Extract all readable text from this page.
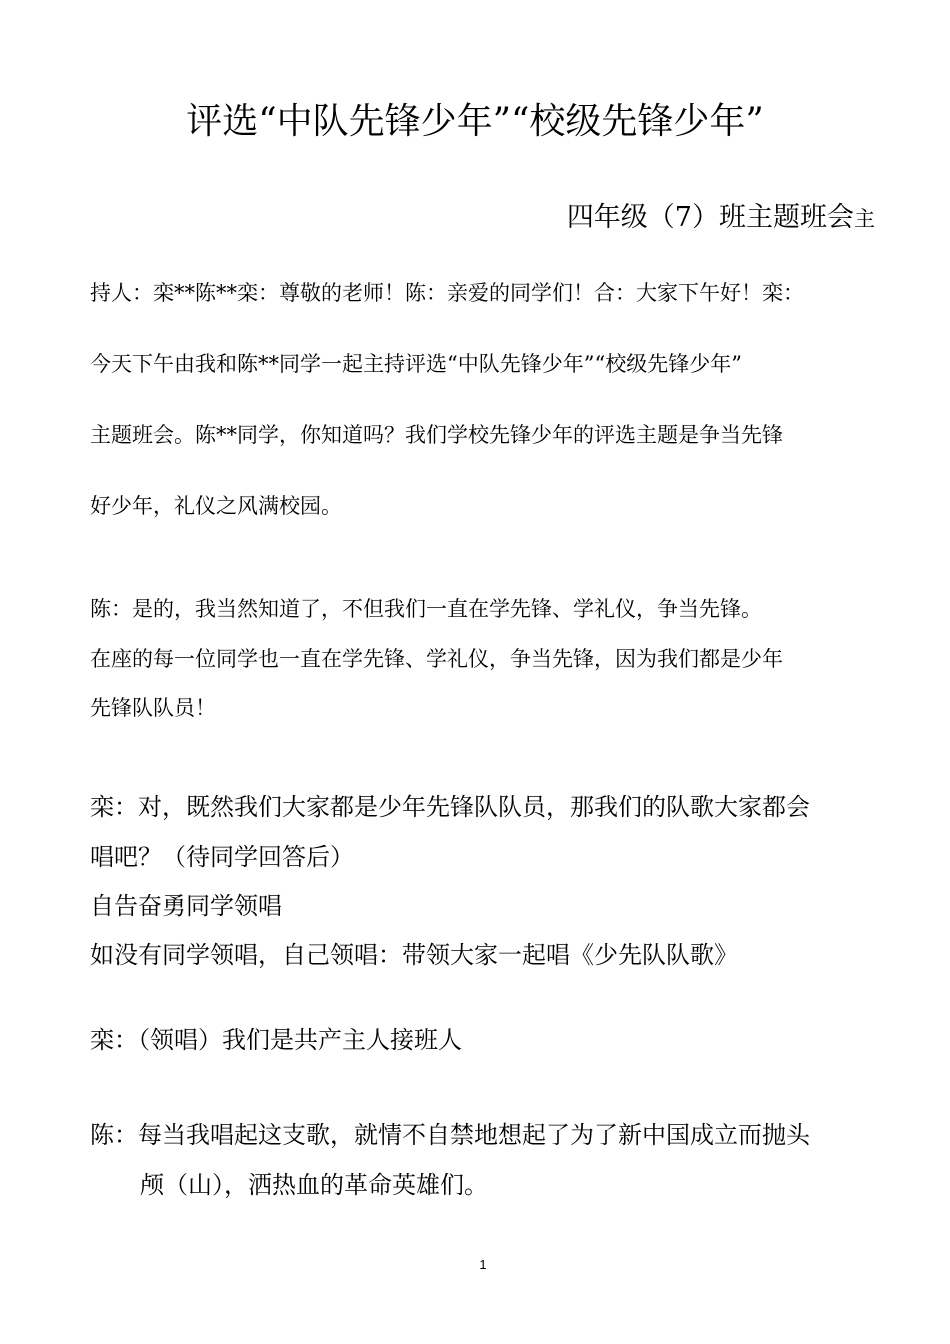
评选“中队先锋少年”“校级先锋少年”
四年级（7）班主题班会主
持人：栾**陈**栾：尊敬的老师！陈：亲爱的同学们！合：大家下午好！栾：
今天下午由我和陈**同学一起主持评选“中队先锋少年”“校级先锋少年”
主题班会。陈**同学，你知道吗？我们学校先锋少年的评选主题是争当先锋
好少年，礼仪之风满校园。
陈：是的，我当然知道了，不但我们一直在学先锋、学礼仪，争当先锋。
在座的每一位同学也一直在学先锋、学礼仪，争当先锋，因为我们都是少年
先锋队队员！
栾：对，既然我们大家都是少年先锋队队员，那我们的队歌大家都会
唱吧？（待同学回答后）
自告奋勇同学领唱
如没有同学领唱，自己领唱：带领大家一起唱《少先队队歌》
栾：（领唱）我们是共产主人接班人
陈：每当我唱起这支歌，就情不自禁地想起了为了新中国成立而抛头
颅（山），洒热血的革命英雄们。
1
